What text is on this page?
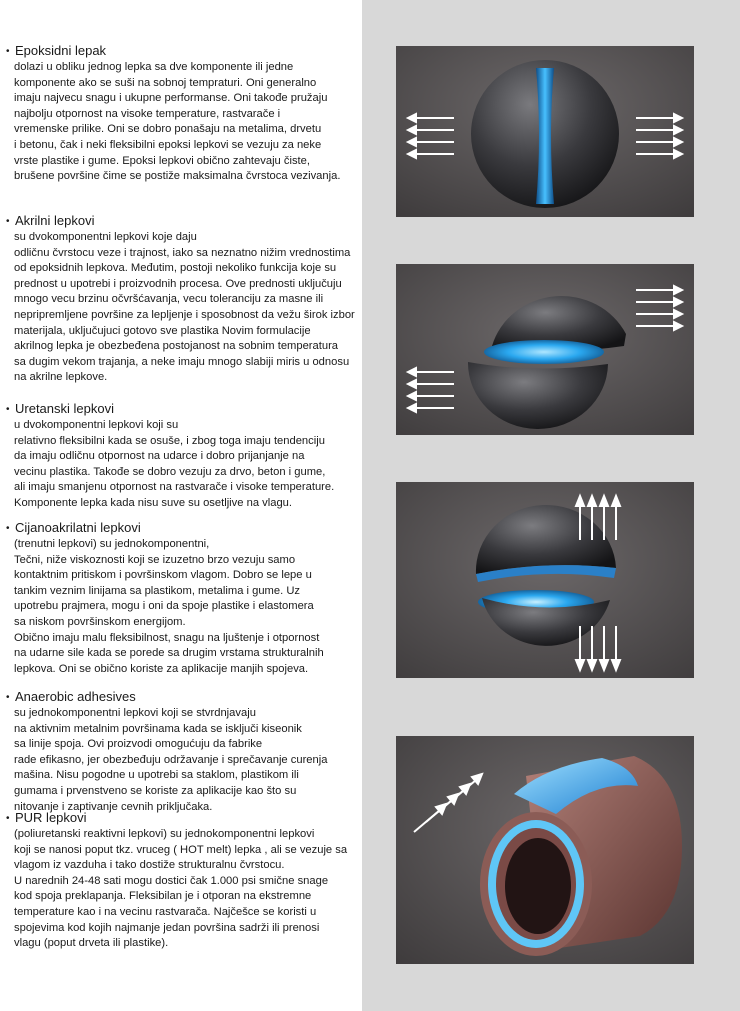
• Epoksidni lepak
dolazi u obliku jednog lepka sa dve komponente ili jedne
komponente ako se suši na sobnoj tempraturi. Oni generalno
imaju najvecu snagu i ukupne performanse. Oni takođe pružaju
najbolju otpornost na visoke temperature, rastvarače i
vremenske prilike. Oni se dobro ponašaju na metalima, drvetu
i betonu, čak i neki fleksibilni epoksi lepkovi se vezuju za neke
vrste plastike i gume. Epoksi lepkovi obično zahtevaju čiste,
brušene površine čime se postiže maksimalna čvrstoca vezivanja.
• Akrilni lepkovi
su dvokomponentni lepkovi koje daju
odličnu čvrstocu veze i trajnost, iako sa neznatno nižim vrednostima
od epoksidnih lepkova. Međutim, postoji nekoliko funkcija koje su
prednost u upotrebi i proizvodnih procesa. Ove prednosti uključuju
mnogo vecu brzinu očvršćavanja, vecu toleranciju za masne ili
nepripremljene površine za lepljenje i sposobnost da vežu širok izbor
materijala, uključujuci gotovo sve plastika Novim formulacije
akrilnog lepka je obezbeđena postojanost na sobnim temperatura
sa dugim vekom trajanja, a neke imaju mnogo slabiji miris u odnosu
na akrilne lepkove.
• Uretanski lepkovi
u dvokomponentni lepkovi koji su
relativno fleksibilni kada se osuše, i zbog toga imaju tendenciju
da imaju odličnu otpornost na udarce i dobro prijanjanje na
vecinu plastika. Takođe se dobro vezuju za drvo, beton i gume,
ali imaju smanjenu otpornost na rastvarače i visoke temperature.
Komponente lepka kada nisu suve su osetljive na vlagu.
• Cijanoakrilatni lepkovi
(trenutni lepkovi) su jednokomponentni,
Tečni, niže viskoznosti koji se izuzetno brzo vezuju samo
kontaktnim pritiskom i površinskom vlagom. Dobro se lepe u
tankim veznim linijama sa plastikom, metalima i gume. Uz
upotrebu prajmera, mogu i oni da spoje plastike i elastomera
sa niskom površinskom energijom.
Obično imaju malu fleksibilnost, snagu na ljuštenje i otpornost
na udarne sile kada se porede sa drugim vrstama strukturalnih
lepkova. Oni se obično koriste za aplikacije manjih spojeva.
• Anaerobic adhesives
su jednokomponentni lepkovi koji se stvrdnjavaju
na aktivnim metalnim površinama kada se isključi kiseonik
sa linije spoja. Ovi proizvodi omogućuju da fabrike
rade efikasno, jer obezbeđuju održavanje i sprečavanje curenja
mašina. Nisu pogodne u upotrebi sa staklom, plastikom ili
gumama i prvenstveno se koriste za aplikacije kao što su
nitovanje i zaptivanje cevnih priključaka.
• PUR lepkovi
(poliuretanski reaktivni lepkovi) su jednokomponentni lepkovi
koji se nanosi poput tkz. vruceg ( HOT melt) lepka , ali se vezuje sa
vlagom iz vazduha i tako dostiže strukturalnu čvrstocu.
U narednih 24-48 sati mogu dostici čak 1.000 psi smične snage
kod spoja preklapanja. Fleksibilan je i otporan na ekstremne
temperature kao i na vecinu rastvarača. Najčešce se koristi u
spojevima kod kojih najmanje jedan površina sadrži ili prenosi
vlagu (poput drveta ili plastike).
